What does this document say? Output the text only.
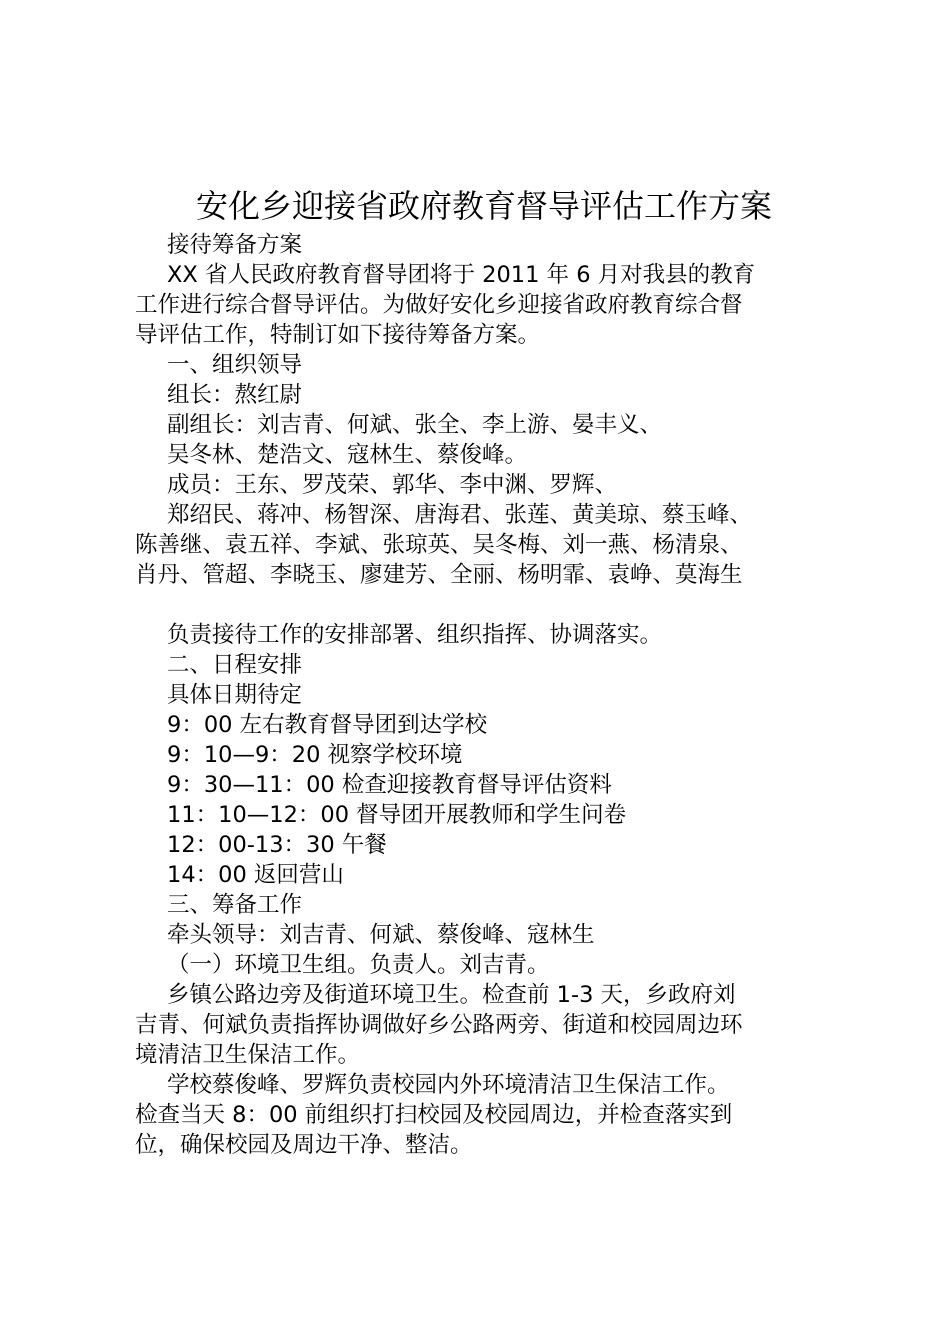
安化乡迎接省政府教育督导评估工作方案
接待筹备方案
XX 省人民政府教育督导团将于 2011 年 6 月对我县的教育
工作进行综合督导评估。为做好安化乡迎接省政府教育综合督
导评估工作，特制订如下接待筹备方案。
一、组织领导
组长：熬红尉
副组长：刘吉青、何斌、张全、李上游、晏丰义、
吴冬林、楚浩文、寇林生、蔡俊峰。
成员：王东、罗茂荣、郭华、李中渊、罗辉、
郑绍民、蒋冲、杨智深、唐海君、张莲、黄美琼、蔡玉峰、
陈善继、袁五祥、李斌、张琼英、吴冬梅、刘一燕、杨清泉、
肖丹、管超、李晓玉、廖建芳、全丽、杨明霏、袁峥、莫海生
负责接待工作的安排部署、组织指挥、协调落实。
二、日程安排
具体日期待定
9：00 左右教育督导团到达学校
9：10—9：20 视察学校环境
9：30—11：00 检查迎接教育督导评估资料
11：10—12：00 督导团开展教师和学生问卷
12：00-13：30 午餐
14：00 返回营山
三、筹备工作
牵头领导：刘吉青、何斌、蔡俊峰、寇林生
（一）环境卫生组。负责人。刘吉青。
乡镇公路边旁及街道环境卫生。检查前 1-3 天，乡政府刘
吉青、何斌负责指挥协调做好乡公路两旁、街道和校园周边环
境清洁卫生保洁工作。
学校蔡俊峰、罗辉负责校园内外环境清洁卫生保洁工作。
检查当天 8：00 前组织打扫校园及校园周边，并检查落实到
位，确保校园及周边干净、整洁。
